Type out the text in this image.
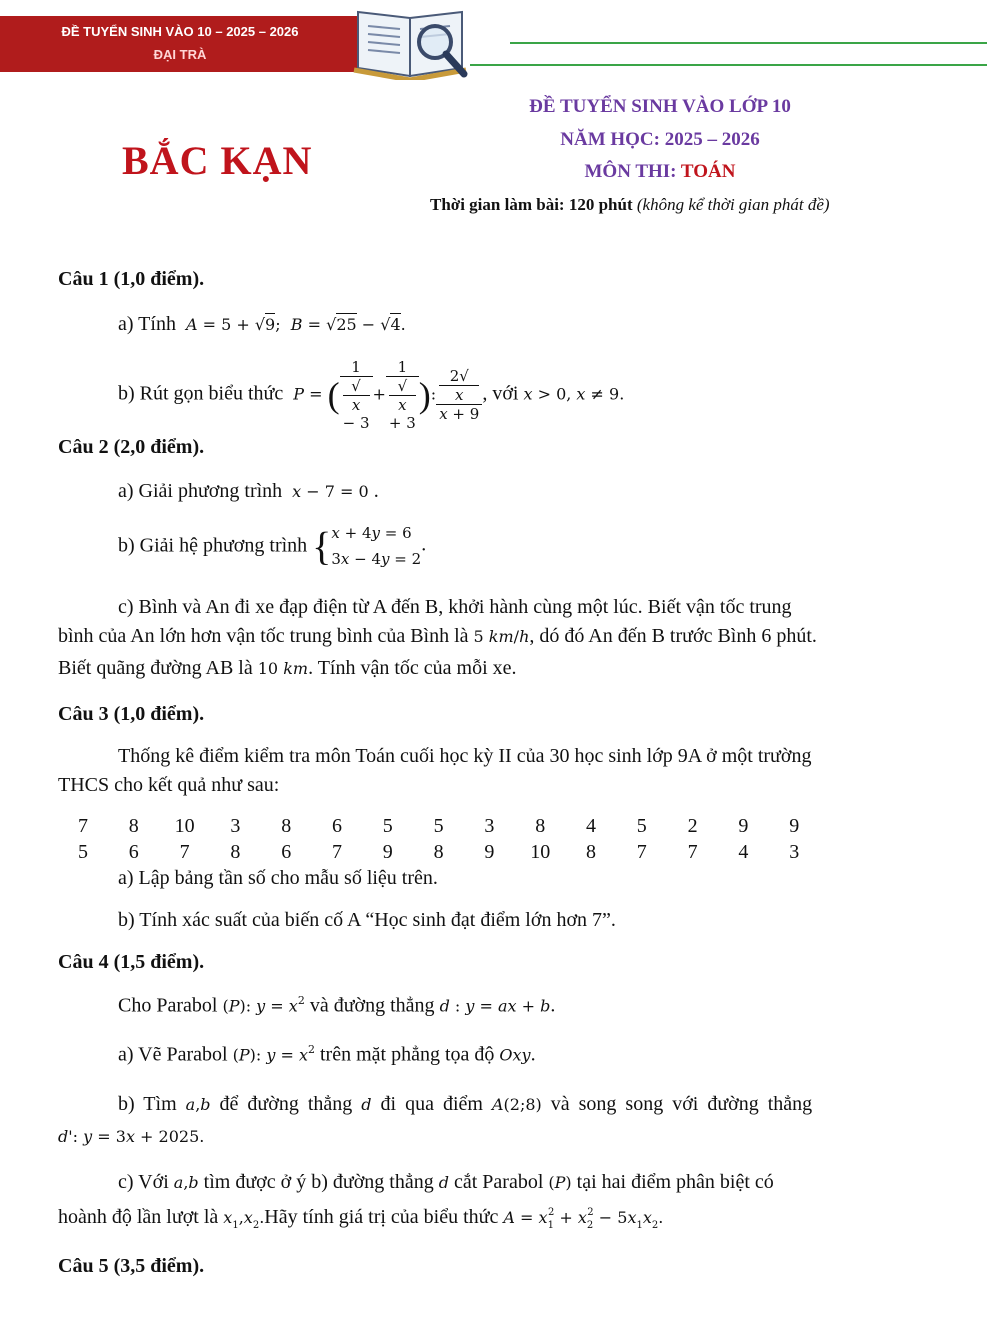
ĐỀ TUYỂN SINH VÀO 10 – 2025 – 2026
ĐẠI TRÀ
BẮC KẠN
ĐỀ TUYỂN SINH VÀO LỚP 10
NĂM HỌC: 2025 – 2026
MÔN THI: TOÁN
Thời gian làm bài: 120 phút (không kể thời gian phát đề)
Câu 1 (1,0 điểm).
a) Tính A = 5 + √9;  B = √25 − √4.
b) Rút gọn biểu thức P = ( 1
√
x
− 3 + 1
√
x
+ 3 ): 2√
x
x + 9 , với x > 0, x ≠ 9.
Câu 2 (2,0 điểm).
a) Giải phương trình x − 7 = 0 .
b) Giải hệ phương trình {x + 4y = 6
3x − 4y = 2.
c) Bình và An đi xe đạp điện từ A đến B, khởi hành cùng một lúc. Biết vận tốc trung
bình của An lớn hơn vận tốc trung bình của Bình là 5 km/h, dó đó An đến B trước Bình 6 phút.
Biết quãng đường AB là 10 km. Tính vận tốc của mỗi xe.
Câu 3 (1,0 điểm).
Thống kê điểm kiểm tra môn Toán cuối học kỳ II của 30 học sinh lớp 9A ở một trường
THCS cho kết quả như sau:
7	8	10	3	8	6	5	5	3	8	4	5	2	9	9
5	6	7	8	6	7	9	8	9	10	8	7	7	4	3
a) Lập bảng tần số cho mẫu số liệu trên.
b) Tính xác suất của biến cố A “Học sinh đạt điểm lớn hơn 7”.
Câu 4 (1,5 điểm).
Cho Parabol (P): $y = x^2$ và đường thẳng d : y = ax + b.
a) Vẽ Parabol (P): $y = x^2$ trên mặt phẳng tọa độ Oxy.
b) Tìm a,b để đường thẳng d đi qua điểm A(2;8) và song song với đường thẳng
d': y = 3x + 2025.
c) Với a,b tìm được ở ý b) đường thẳng d cắt Parabol (P) tại hai điểm phân biệt có
hoành độ lần lượt là $x_1,x_2.Hãy$ tính giá trị của biểu thức $A = x_1^2 + x_2^2 - 5x_1x_2$.
Câu 5 (3,5 điểm).
